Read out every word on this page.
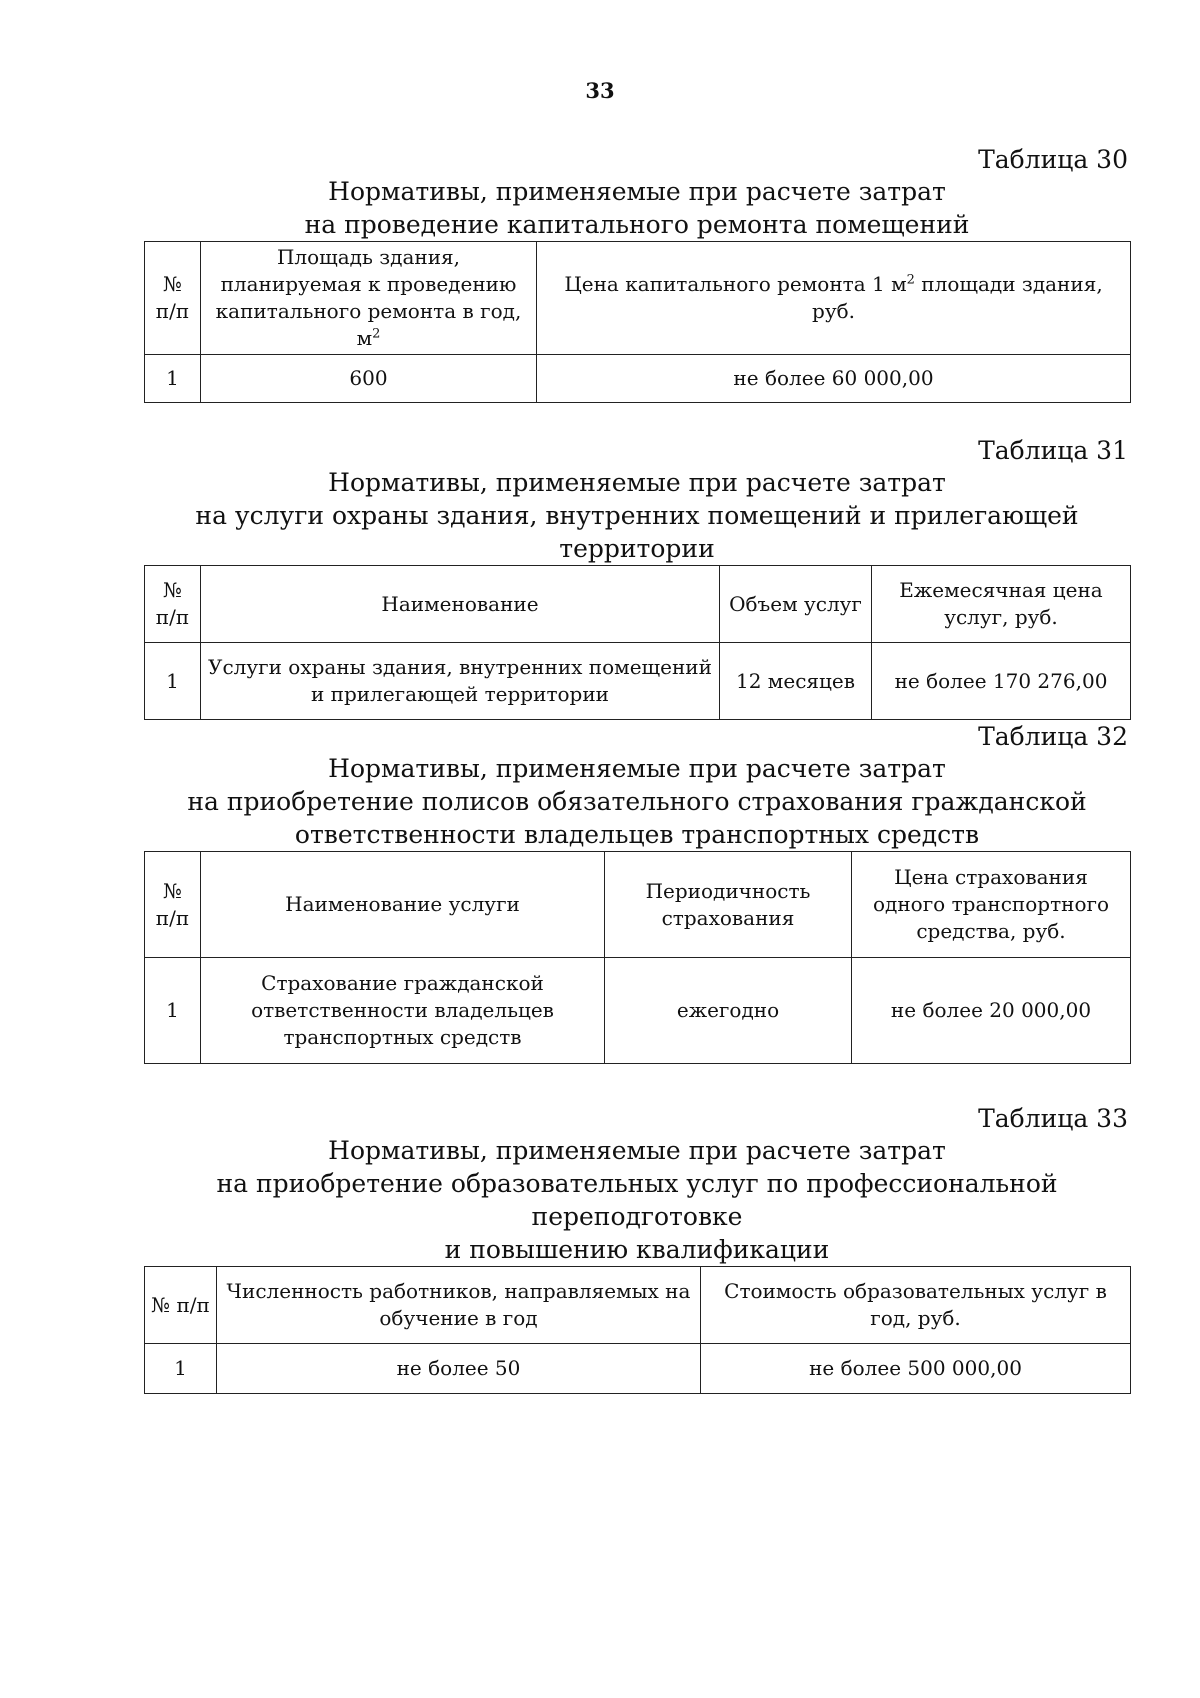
33
Таблица 30
Нормативы, применяемые при расчете затрат
на проведение капитального ремонта помещений
№ п/п	Площадь здания, планируемая к проведению капитального ремонта в год, $м^2$	Цена капитального ремонта 1 $м^2$ площади здания, руб.
1	600	не более 60 000,00
Таблица 31
Нормативы, применяемые при расчете затрат
на услуги охраны здания, внутренних помещений и прилегающей территории
№ п/п	Наименование	Объем услуг	Ежемесячная цена услуг, руб.
1	Услуги охраны здания, внутренних помещений и прилегающей территории	12 месяцев	не более 170 276,00
Таблица 32
Нормативы, применяемые при расчете затрат
на приобретение полисов обязательного страхования гражданской
ответственности владельцев транспортных средств
№ п/п	Наименование услуги	Периодичность страхования	Цена страхования одного транспортного средства, руб.
1	Страхование гражданской ответственности владельцев транспортных средств	ежегодно	не более 20 000,00
Таблица 33
Нормативы, применяемые при расчете затрат
на приобретение образовательных услуг по профессиональной переподготовке
и повышению квалификации
№ п/п	Численность работников, направляемых на обучение в год	Стоимость образовательных услуг в год, руб.
1	не более 50	не более 500 000,00
